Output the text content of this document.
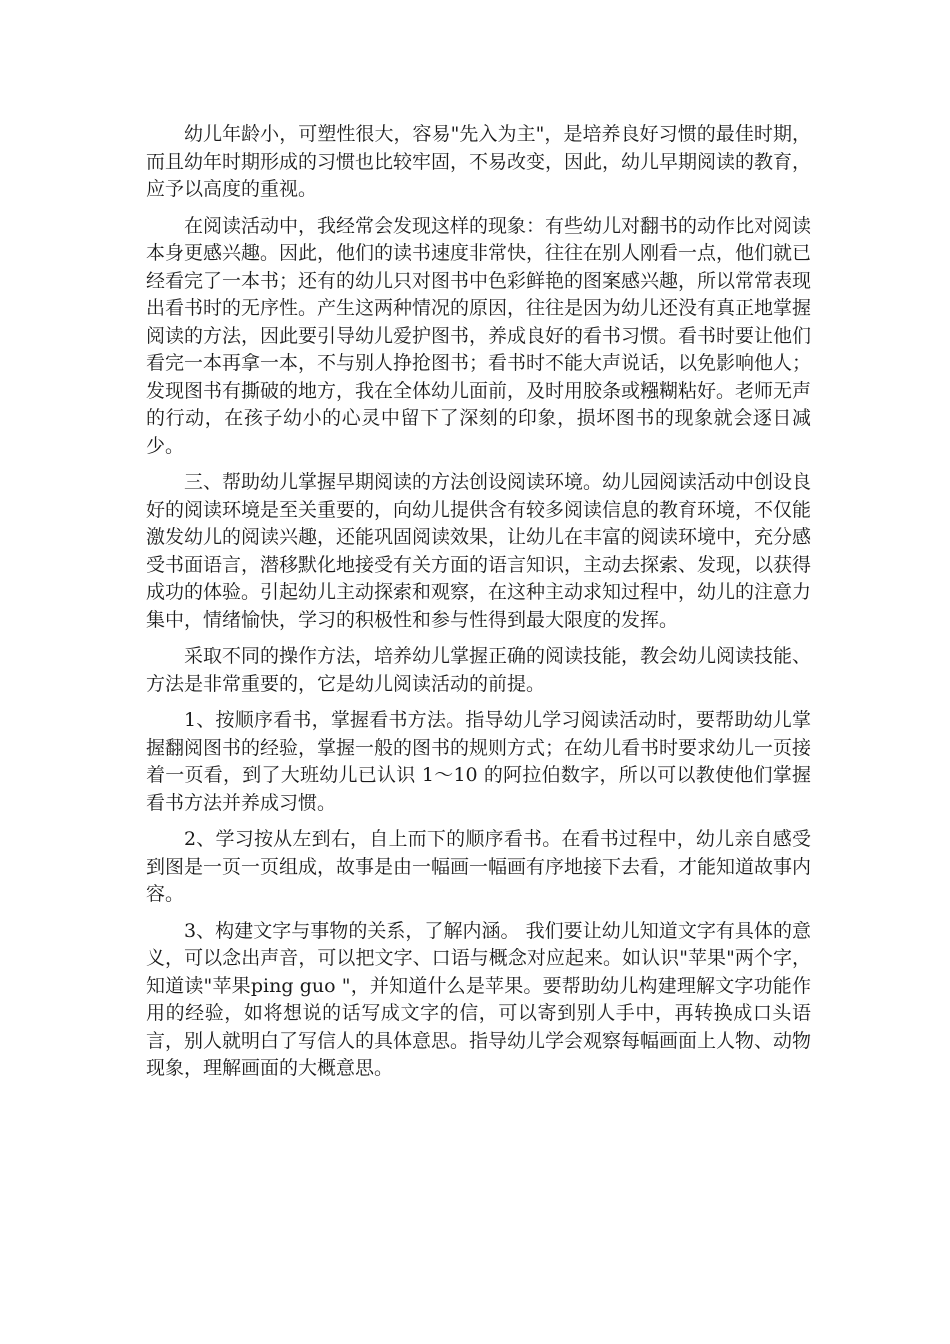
幼儿年龄小，可塑性很大，容易"先入为主"，是培养良好习惯的最佳时期，而且幼年时期形成的习惯也比较牢固，不易改变，因此，幼儿早期阅读的教育，应予以高度的重视。

在阅读活动中，我经常会发现这样的现象：有些幼儿对翻书的动作比对阅读本身更感兴趣。因此，他们的读书速度非常快，往往在别人刚看一点，他们就已经看完了一本书；还有的幼儿只对图书中色彩鲜艳的图案感兴趣，所以常常表现出看书时的无序性。产生这两种情况的原因，往往是因为幼儿还没有真正地掌握阅读的方法，因此要引导幼儿爱护图书，养成良好的看书习惯。看书时要让他们看完一本再拿一本，不与别人挣抢图书；看书时不能大声说话，以免影响他人；发现图书有撕破的地方，我在全体幼儿面前，及时用胶条或糨糊粘好。老师无声的行动，在孩子幼小的心灵中留下了深刻的印象，损坏图书的现象就会逐日减少。

三、帮助幼儿掌握早期阅读的方法创设阅读环境。幼儿园阅读活动中创设良好的阅读环境是至关重要的，向幼儿提供含有较多阅读信息的教育环境，不仅能激发幼儿的阅读兴趣，还能巩固阅读效果，让幼儿在丰富的阅读环境中，充分感受书面语言，潜移默化地接受有关方面的语言知识，主动去探索、发现，以获得成功的体验。引起幼儿主动探索和观察，在这种主动求知过程中，幼儿的注意力集中，情绪愉快，学习的积极性和参与性得到最大限度的发挥。

采取不同的操作方法，培养幼儿掌握正确的阅读技能，教会幼儿阅读技能、方法是非常重要的，它是幼儿阅读活动的前提。

1、按顺序看书，掌握看书方法。指导幼儿学习阅读活动时，要帮助幼儿掌握翻阅图书的经验，掌握一般的图书的规则方式；在幼儿看书时要求幼儿一页接着一页看，到了大班幼儿已认识 1～10 的阿拉伯数字，所以可以教使他们掌握看书方法并养成习惯。

2、学习按从左到右，自上而下的顺序看书。在看书过程中，幼儿亲自感受到图是一页一页组成，故事是由一幅画一幅画有序地接下去看，才能知道故事内容。

3、构建文字与事物的关系，了解内涵。 我们要让幼儿知道文字有具体的意义，可以念出声音，可以把文字、口语与概念对应起来。如认识"苹果"两个字，知道读"苹果ping guo "，并知道什么是苹果。要帮助幼儿构建理解文字功能作用的经验，如将想说的话写成文字的信，可以寄到别人手中，再转换成口头语言，别人就明白了写信人的具体意思。指导幼儿学会观察每幅画面上人物、动物现象，理解画面的大概意思。
